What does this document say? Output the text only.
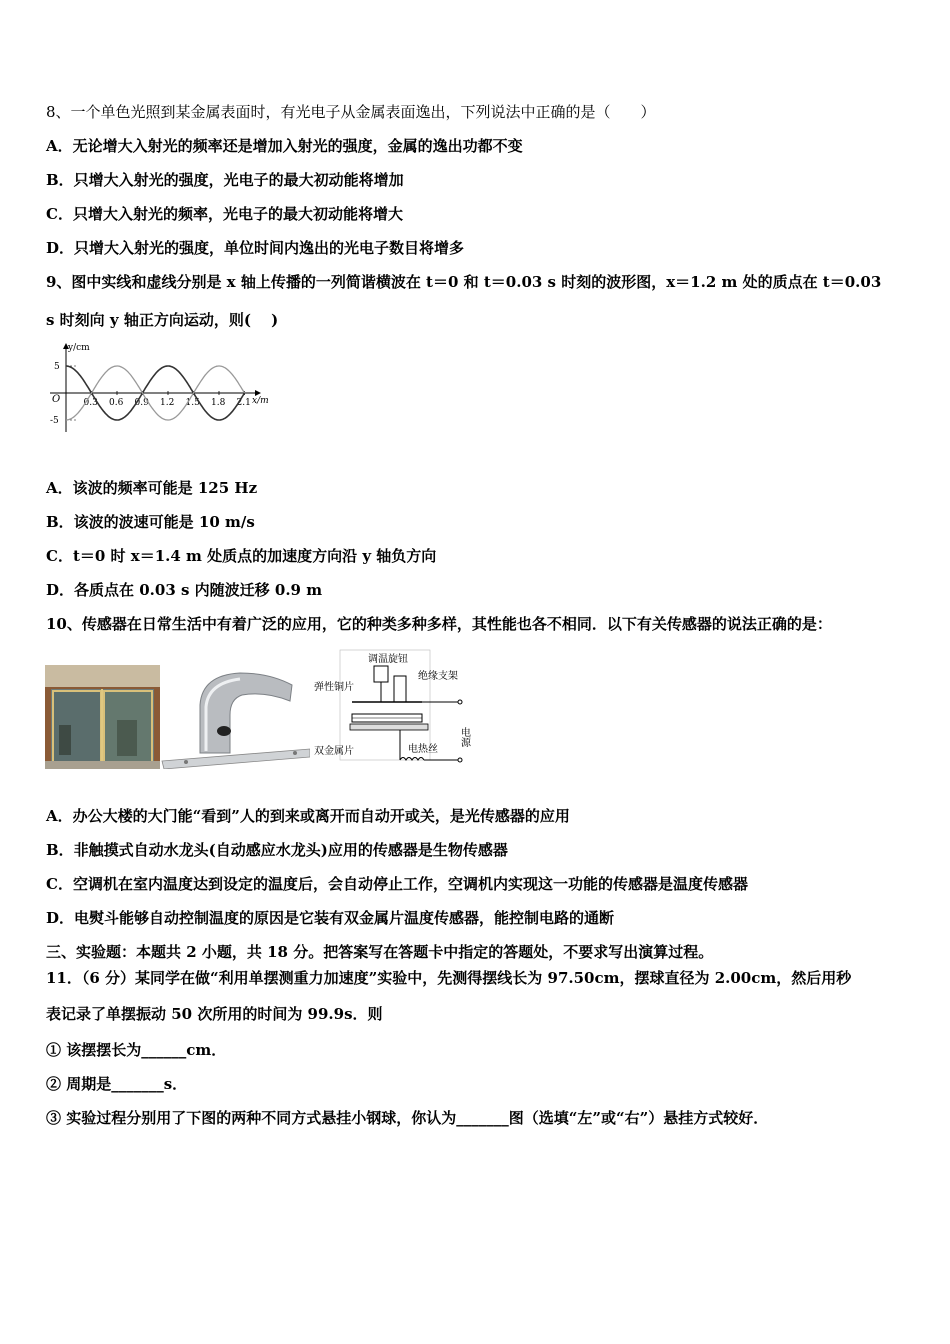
8、一个单色光照到某金属表面时，有光电子从金属表面逸出，下列说法中正确的是（　　）
A．无论增大入射光的频率还是增加入射光的强度，金属的逸出功都不变
B．只增大入射光的强度，光电子的最大初动能将增加
C．只增大入射光的频率，光电子的最大初动能将增大
D．只增大入射光的强度，单位时间内逸出的光电子数目将增多
9、图中实线和虚线分别是 x 轴上传播的一列简谐横波在 t＝0 和 t＝0.03 s 时刻的波形图，x＝1.2 m 处的质点在 t＝0.03
s 时刻向 y 轴正方向运动，则(　 )
y/cm
x/m
O
5
-5
0.3 0.6 0.9 1.2 1.5 1.8 2.1
A．该波的频率可能是 125 Hz
B．该波的波速可能是 10 m/s
C．t＝0 时 x＝1.4 m 处质点的加速度方向沿 y 轴负方向
D．各质点在 0.03 s 内随波迁移 0.9 m
10、传感器在日常生活中有着广泛的应用，它的种类多种多样，其性能也各不相同．以下有关传感器的说法正确的是：
调温旋钮
绝缘支架
弹性铜片
双金属片	电热丝
电源
A．办公大楼的大门能“看到”人的到来或离开而自动开或关，是光传感器的应用
B．非触摸式自动水龙头(自动感应水龙头)应用的传感器是生物传感器
C．空调机在室内温度达到设定的温度后，会自动停止工作，空调机内实现这一功能的传感器是温度传感器
D．电熨斗能够自动控制温度的原因是它装有双金属片温度传感器，能控制电路的通断
三、实验题：本题共 2 小题，共 18 分。把答案写在答题卡中指定的答题处，不要求写出演算过程。
11．（6 分）某同学在做“利用单摆测重力加速度”实验中，先测得摆线长为 97.50cm，摆球直径为 2.00cm，然后用秒
表记录了单摆振动 50 次所用的时间为 99.9s．则
① 该摆摆长为______cm．
② 周期是_______s．
③ 实验过程分别用了下图的两种不同方式悬挂小钢球，你认为_______图（选填“左”或“右”）悬挂方式较好．
